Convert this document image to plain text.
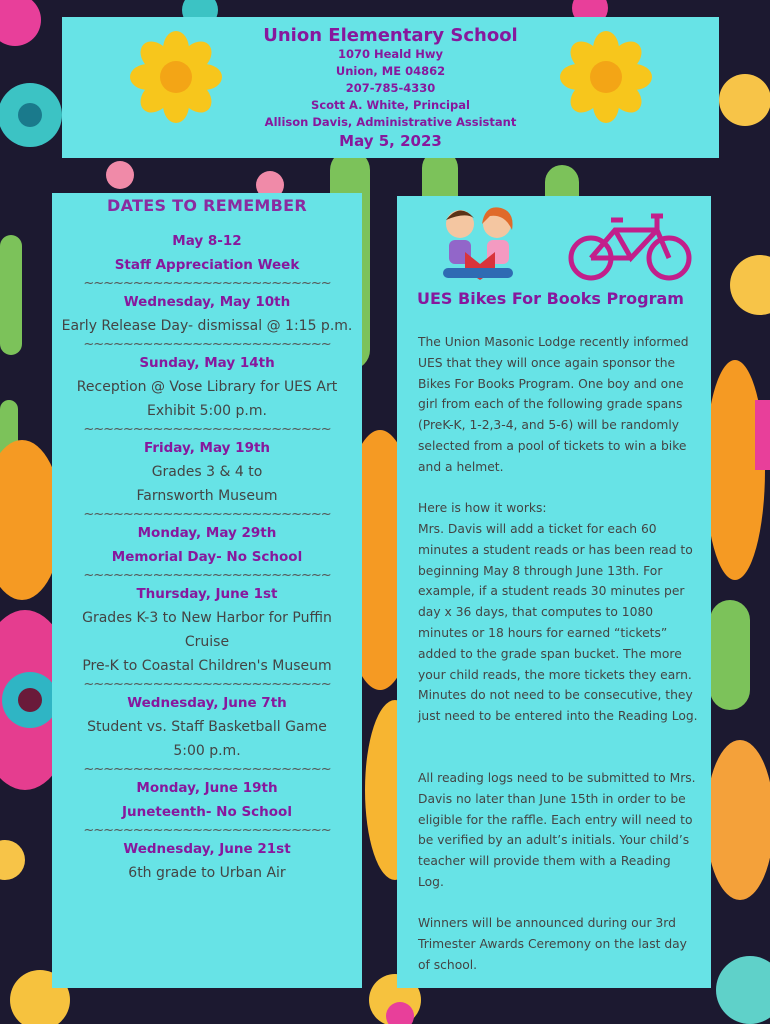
Union Elementary School
1070 Heald Hwy
Union, ME 04862
207-785-4330
Scott A. White, Principal
Allison Davis, Administrative Assistant
May 5, 2023
DATES TO REMEMBER
May 8-12
Staff Appreciation Week
~~~~~~~~~~~~~~~~~~~~~~~~~
Wednesday, May 10th
Early Release Day- dismissal @ 1:15 p.m.
~~~~~~~~~~~~~~~~~~~~~~~~~
Sunday, May 14th
Reception @ Vose Library for UES Art
Exhibit 5:00 p.m.
~~~~~~~~~~~~~~~~~~~~~~~~~
Friday, May 19th
Grades 3 & 4 to
Farnsworth Museum
~~~~~~~~~~~~~~~~~~~~~~~~~
Monday, May 29th
Memorial Day- No School
~~~~~~~~~~~~~~~~~~~~~~~~~
Thursday, June 1st
Grades K-3 to New Harbor for Puffin
Cruise
Pre-K to Coastal Children's Museum
~~~~~~~~~~~~~~~~~~~~~~~~~
Wednesday, June 7th
Student vs. Staff Basketball Game
5:00 p.m.
~~~~~~~~~~~~~~~~~~~~~~~~~
Monday, June 19th
Juneteenth- No School
~~~~~~~~~~~~~~~~~~~~~~~~~
Wednesday, June 21st
6th grade to Urban Air
UES Bikes For Books Program
The Union Masonic Lodge recently informed UES that they will once again sponsor the Bikes For Books Program. One boy and one girl from each of the following grade spans (PreK-K, 1-2,3-4, and 5-6) will be randomly selected from a pool of tickets to win a bike and a helmet.
Here is how it works:
Mrs. Davis will add a ticket for each 60 minutes a student reads or has been read to beginning May 8 through June 13th. For example, if a student reads 30 minutes per day x 36 days, that computes to 1080 minutes or 18 hours for earned “tickets” added to the grade span bucket. The more your child reads, the more tickets they earn. Minutes do not need to be consecutive, they just need to be entered into the Reading Log.
All reading logs need to be submitted to Mrs. Davis no later than June 15th in order to be eligible for the raffle. Each entry will need to be verified by an adult’s initials. Your child’s teacher will provide them with a Reading Log.
Winners will be announced during our 3rd Trimester Awards Ceremony on the last day of school.
